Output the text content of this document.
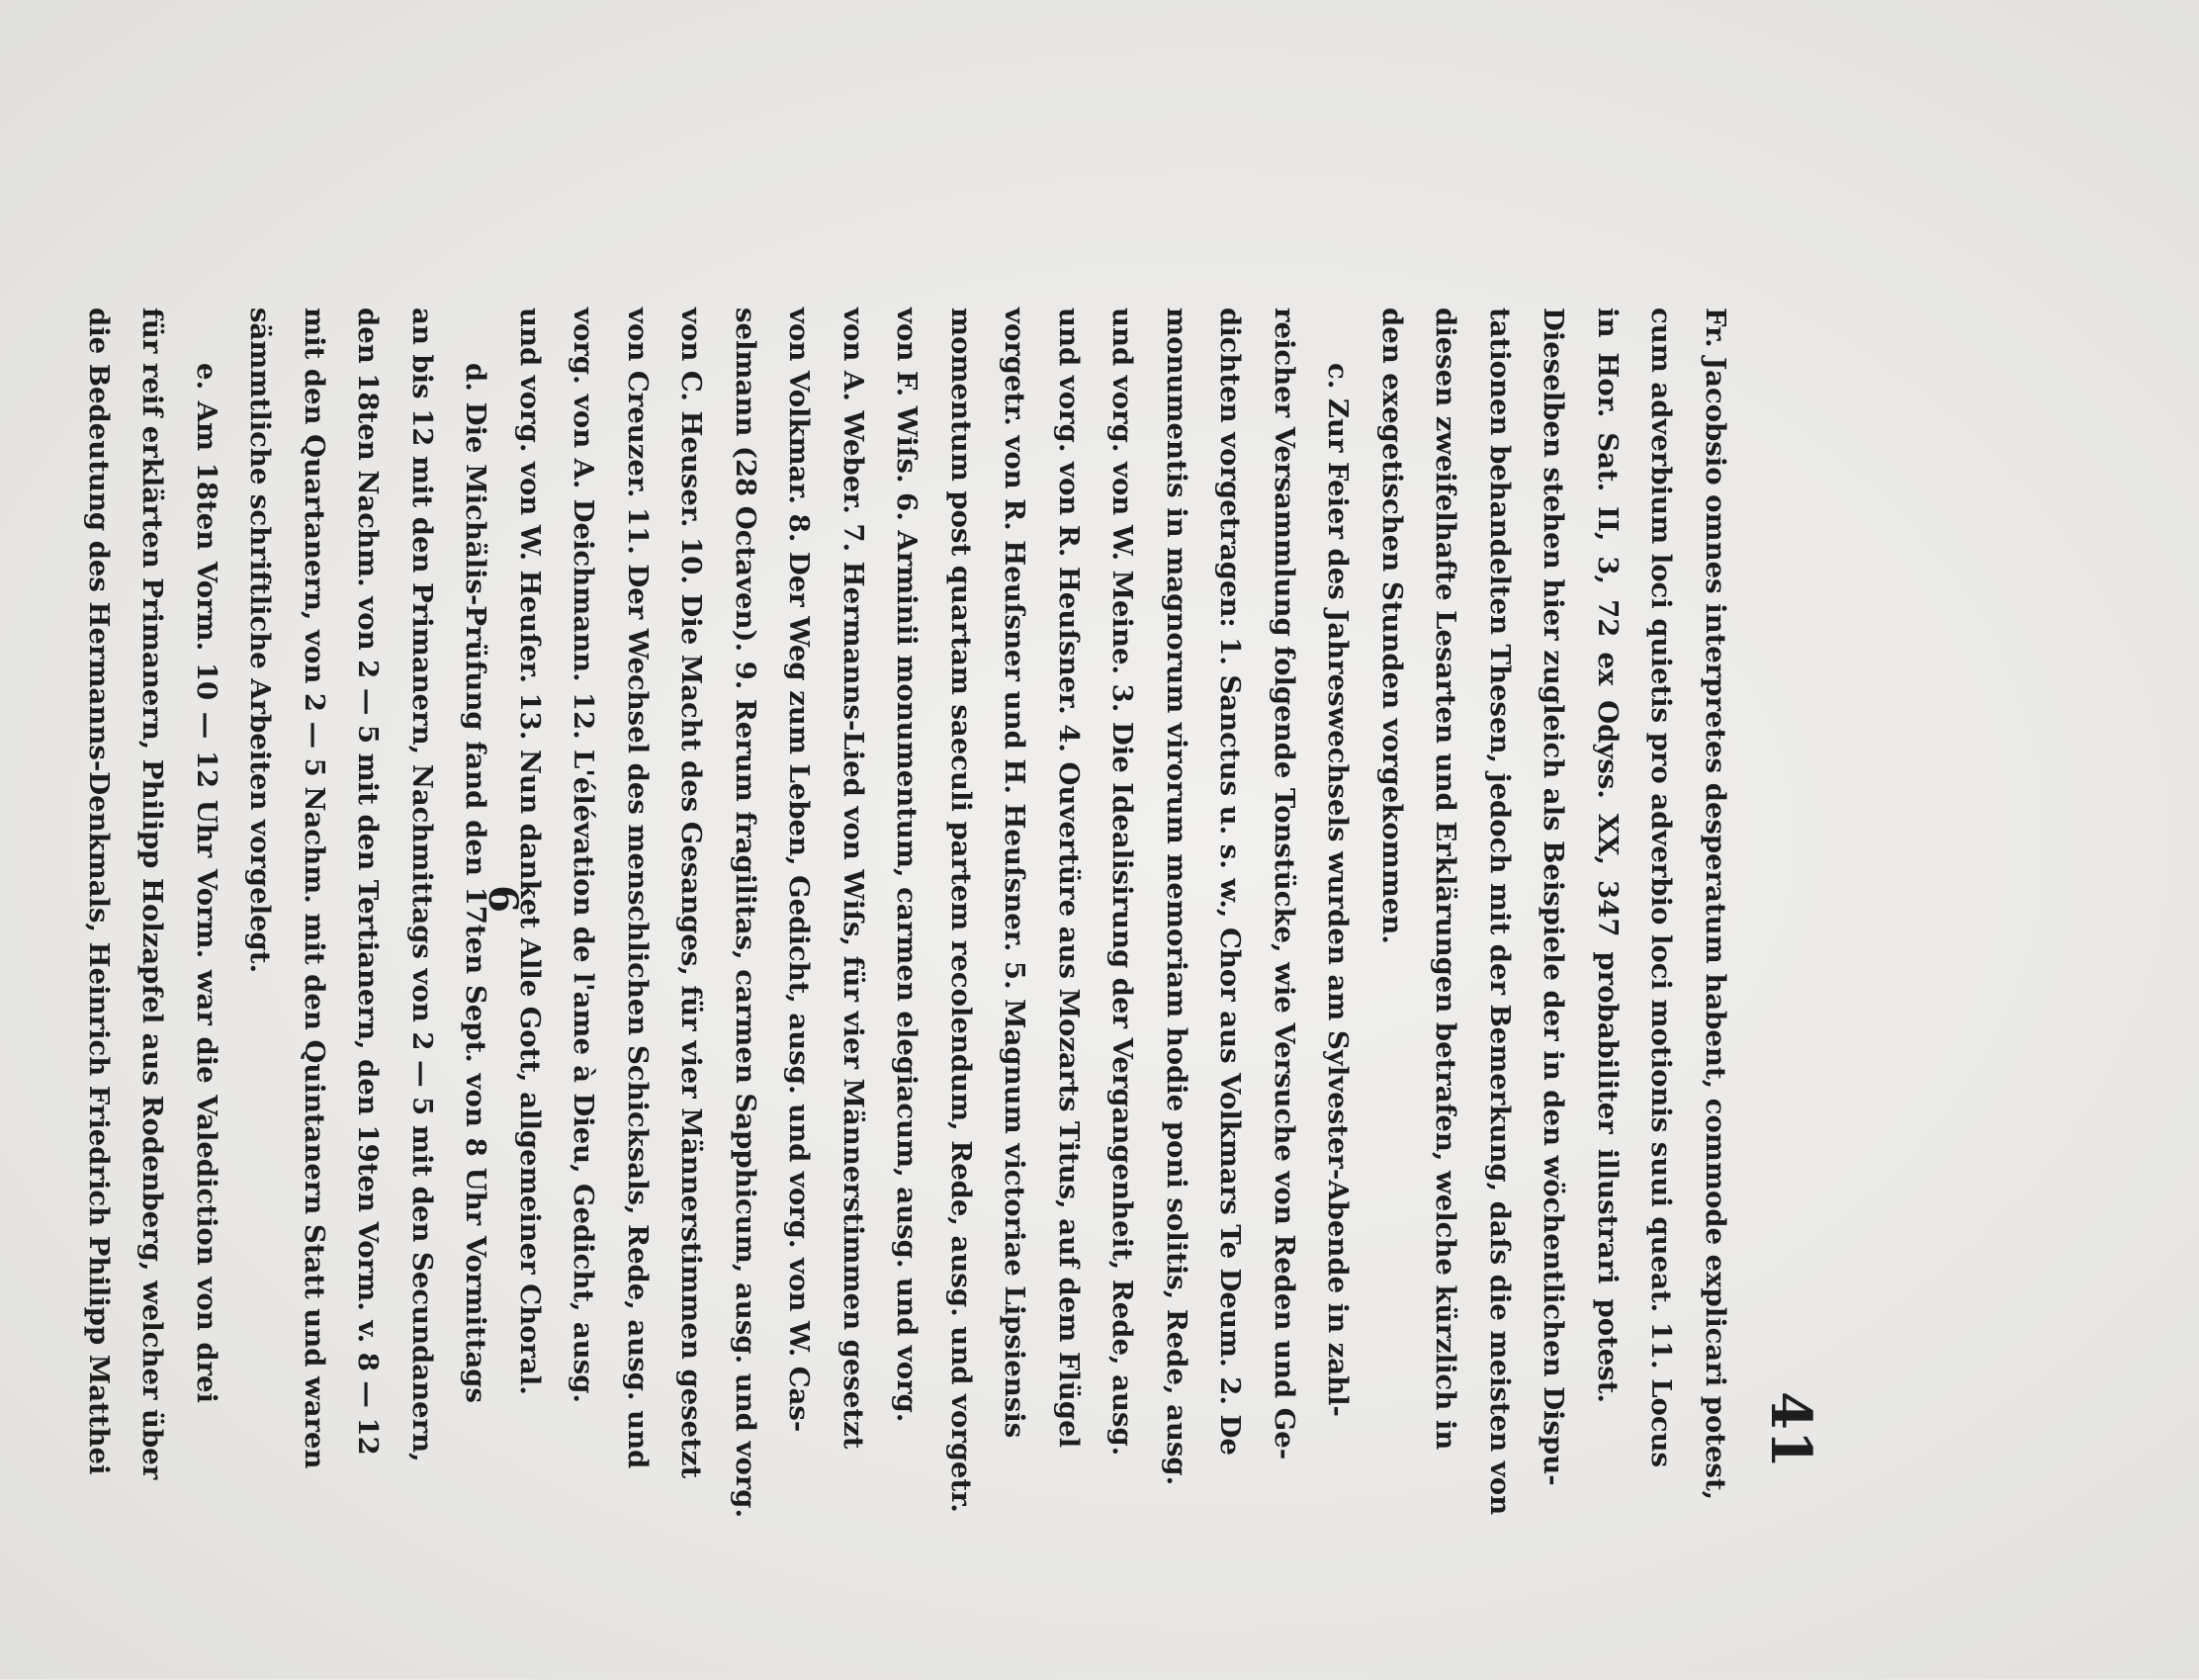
41
Fr. Jacobsio omnes interpretes desperatum habent, commode explicari potest,
cum adverbium loci quietis pro adverbio loci motionis suui queat. 11. Locus
in Hor. Sat. II, 3, 72 ex Odyss. XX, 347 probabiliter illustrari potest.
Dieselben stehen hier zugleich als Beispiele der in den wöchentlichen Dispu-
tationen behandelten Thesen, jedoch mit der Bemerkung, daſs die meisten von
diesen zweifelhafte Lesarten und Erklärungen betrafen, welche kürzlich in
den exegetischen Stunden vorgekommen.
c. Zur Feier des Jahreswechsels wurden am Sylvester-Abende in zahl-
reicher Versammlung folgende Tonstücke, wie Versuche von Reden und Ge-
dichten vorgetragen: 1. Sanctus u. s. w., Chor aus Volkmars Te Deum. 2. De
monumentis in magnorum virorum memoriam hodie poni solitis, Rede, ausg.
und vorg. von W. Meine. 3. Die Idealisirung der Vergangenheit, Rede, ausg.
und vorg. von R. Heuſsner. 4. Ouvertüre aus Mozarts Titus, auf dem Flügel
vorgetr. von R. Heuſsner und H. Heuſsner. 5. Magnum victoriae Lipsiensis
momentum post quartam saeculi partem recolendum, Rede, ausg. und vorgetr.
von F. Wiſs. 6. Arminii monumentum, carmen elegiacum, ausg. und vorg.
von A. Weber. 7. Hermanns-Lied von Wiſs, für vier Männerstimmen gesetzt
von Volkmar. 8. Der Weg zum Leben, Gedicht, ausg. und vorg. von W. Cas-
selmann (28 Octaven). 9. Rerum fragilitas, carmen Sapphicum, ausg. und vorg.
von C. Heuser. 10. Die Macht des Gesanges, für vier Männerstimmen gesetzt
von Creuzer. 11. Der Wechsel des menschlichen Schicksals, Rede, ausg. und
vorg. von A. Deichmann. 12. L'élévation de l'ame à Dieu, Gedicht, ausg.
und vorg. von W. Heuſer. 13. Nun danket Alle Gott, allgemeiner Choral.
d. Die Michälis-Prüfung fand den 17ten Sept. von 8 Uhr Vormittags
an bis 12 mit den Primanern, Nachmittags von 2 — 5 mit den Secundanern,
den 18ten Nachm. von 2 — 5 mit den Tertianern, den 19ten Vorm. v. 8 — 12
mit den Quartanern, von 2 — 5 Nachm. mit den Quintanern Statt und waren
sämmtliche schriftliche Arbeiten vorgelegt.
e. Am 18ten Vorm. 10 — 12 Uhr Vorm. war die Valediction von drei
für reif erklärten Primanern, Philipp Holzapfel aus Rodenberg, welcher über
die Bedeutung des Hermanns-Denkmals, Heinrich Friedrich Philipp Matthei	6
